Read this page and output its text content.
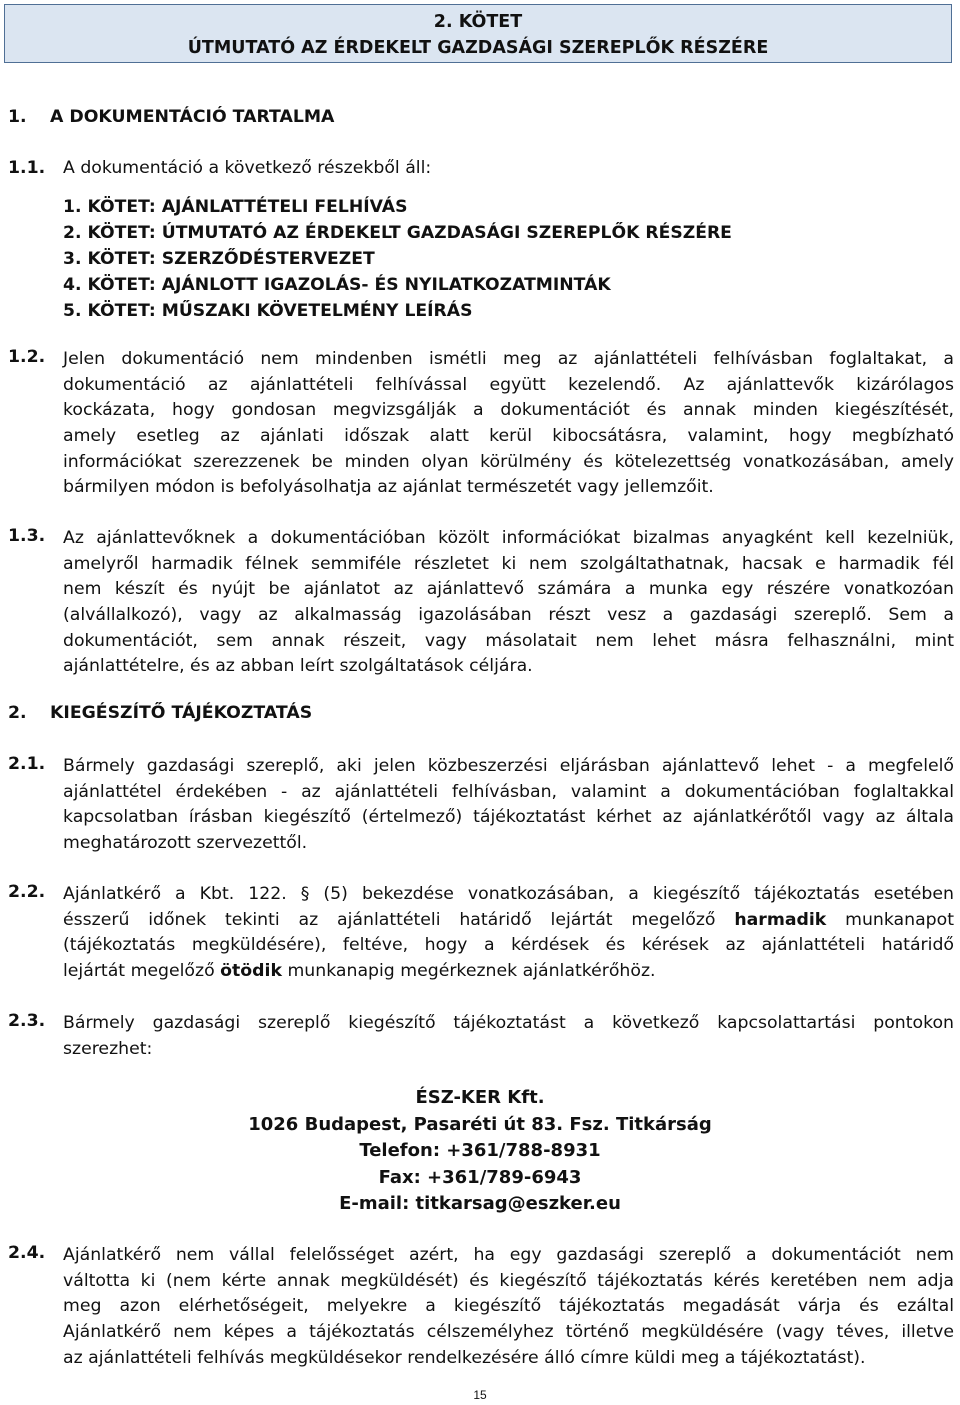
2. KÖTET
ÚTMUTATÓ AZ ÉRDEKELT GAZDASÁGI SZEREPLŐK RÉSZÉRE
1. A DOKUMENTÁCIÓ TARTALMA
1.1. A dokumentáció a következő részekből áll:
1. KÖTET: AJÁNLATTÉTELI FELHÍVÁS
2. KÖTET: ÚTMUTATÓ AZ ÉRDEKELT GAZDASÁGI SZEREPLŐK RÉSZÉRE
3. KÖTET: SZERZŐDÉSTERVEZET
4. KÖTET: AJÁNLOTT IGAZOLÁS- ÉS NYILATKOZATMINTÁK
5. KÖTET: MŰSZAKI KÖVETELMÉNY LEÍRÁS
1.2. Jelen dokumentáció nem mindenben ismétli meg az ajánlattételi felhívásban foglaltakat, a
dokumentáció az ajánlattételi felhívással együtt kezelendő. Az ajánlattevők kizárólagos
kockázata, hogy gondosan megvizsgálják a dokumentációt és annak minden kiegészítését,
amely esetleg az ajánlati időszak alatt kerül kibocsátásra, valamint, hogy megbízható
információkat szerezzenek be minden olyan körülmény és kötelezettség vonatkozásában, amely
bármilyen módon is befolyásolhatja az ajánlat természetét vagy jellemzőit.
1.3. Az ajánlattevőknek a dokumentációban közölt információkat bizalmas anyagként kell kezelniük,
amelyről harmadik félnek semmiféle részletet ki nem szolgáltathatnak, hacsak e harmadik fél
nem készít és nyújt be ajánlatot az ajánlattevő számára a munka egy részére vonatkozóan
(alvállalkozó), vagy az alkalmasság igazolásában részt vesz a gazdasági szereplő. Sem a
dokumentációt, sem annak részeit, vagy másolatait nem lehet másra felhasználni, mint
ajánlattételre, és az abban leírt szolgáltatások céljára.
2. KIEGÉSZÍTŐ TÁJÉKOZTATÁS
2.1. Bármely gazdasági szereplő, aki jelen közbeszerzési eljárásban ajánlattevő lehet - a megfelelő
ajánlattétel érdekében - az ajánlattételi felhívásban, valamint a dokumentációban foglaltakkal
kapcsolatban írásban kiegészítő (értelmező) tájékoztatást kérhet az ajánlatkérőtől vagy az általa
meghatározott szervezettől.
2.2. Ajánlatkérő a Kbt. 122. § (5) bekezdése vonatkozásában, a kiegészítő tájékoztatás esetében
ésszerű időnek tekinti az ajánlattételi határidő lejártát megelőző harmadik munkanapot
(tájékoztatás megküldésére), feltéve, hogy a kérdések és kérések az ajánlattételi határidő
lejártát megelőző ötödik munkanapig megérkeznek ajánlatkérőhöz.
2.3. Bármely gazdasági szereplő kiegészítő tájékoztatást a következő kapcsolattartási pontokon
szerezhet:
ÉSZ-KER Kft.
1026 Budapest, Pasaréti út 83. Fsz. Titkárság
Telefon: +361/788-8931
Fax: +361/789-6943
E-mail: titkarsag@eszker.eu
2.4. Ajánlatkérő nem vállal felelősséget azért, ha egy gazdasági szereplő a dokumentációt nem
váltotta ki (nem kérte annak megküldését) és kiegészítő tájékoztatás kérés keretében nem adja
meg azon elérhetőségeit, melyekre a kiegészítő tájékoztatás megadását várja és ezáltal
Ajánlatkérő nem képes a tájékoztatás célszemélyhez történő megküldésére (vagy téves, illetve
az ajánlattételi felhívás megküldésekor rendelkezésére álló címre küldi meg a tájékoztatást).
15
